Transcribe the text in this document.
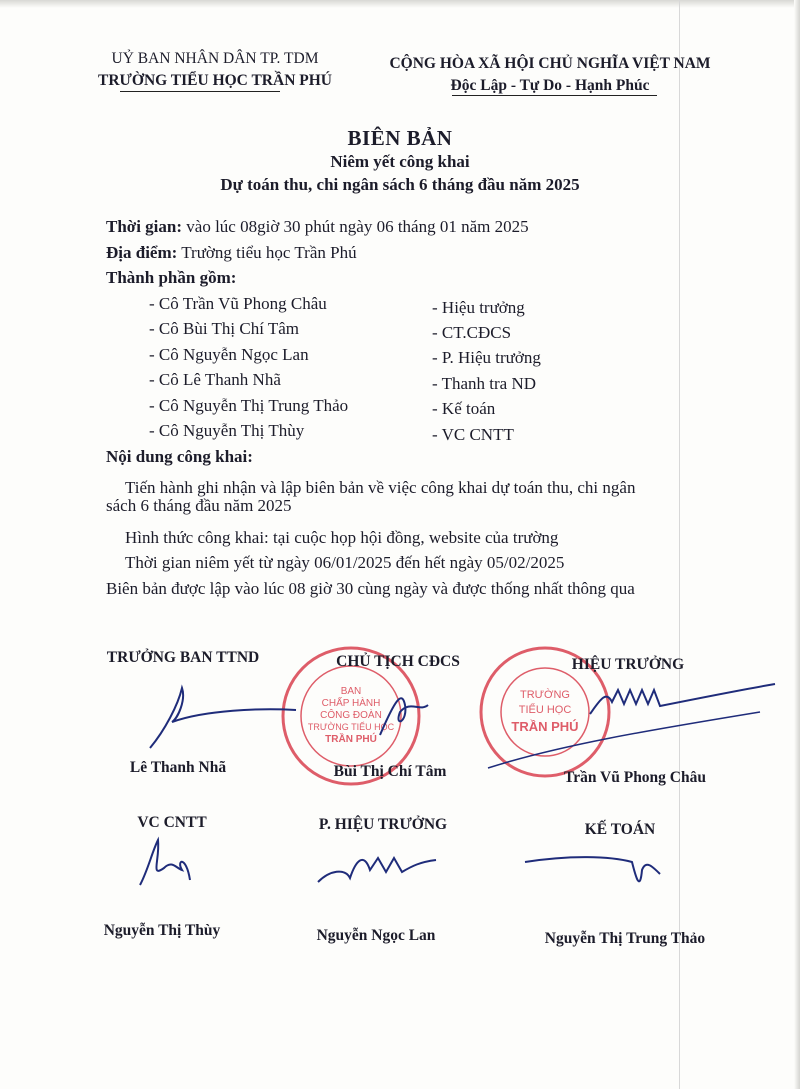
UỶ BAN NHÂN DÂN TP. TDM
TRƯỜNG TIỂU HỌC TRẦN PHÚ
CỘNG HÒA XÃ HỘI CHỦ NGHĨA VIỆT NAM
Độc Lập - Tự Do - Hạnh Phúc
BIÊN BẢN
Niêm yết công khai
Dự toán thu, chi ngân sách 6 tháng đầu năm 2025
Thời gian: vào lúc 08giờ 30 phút ngày 06 tháng 01 năm 2025
Địa điểm: Trường tiểu học Trần Phú
Thành phần gồm:
- Cô Trần Vũ Phong Châu	- Hiệu trưởng
- Cô Bùi Thị Chí Tâm	- CT.CĐCS
- Cô Nguyễn Ngọc Lan	- P. Hiệu trưởng
- Cô Lê Thanh Nhã	- Thanh tra ND
- Cô Nguyễn Thị Trung Thảo	- Kế toán
- Cô Nguyễn Thị Thùy	- VC CNTT
Nội dung công khai:
Tiến hành ghi nhận và lập biên bản về việc công khai dự toán thu, chi ngân
sách 6 tháng đầu năm 2025
Hình thức công khai: tại cuộc họp hội đồng, website của trường
Thời gian niêm yết từ ngày 06/01/2025 đến hết ngày 05/02/2025
Biên bản được lập vào lúc 08 giờ 30 cùng ngày và được thống nhất thông qua
BAN
CHẤP HÀNH
CÔNG ĐOÀN
TRƯỜNG TIỂU HỌC
TRẦN PHÚ
TRƯỜNG
TIỂU HỌC
TRẦN PHÚ
TRƯỞNG BAN TTND
Lê Thanh Nhã
CHỦ TỊCH CĐCS
Bùi Thị Chí Tâm
HIỆU TRƯỞNG
Trần Vũ Phong Châu
VC CNTT
Nguyễn Thị Thùy
P. HIỆU TRƯỞNG
Nguyễn Ngọc Lan
KẾ TOÁN
Nguyễn Thị Trung Thảo
